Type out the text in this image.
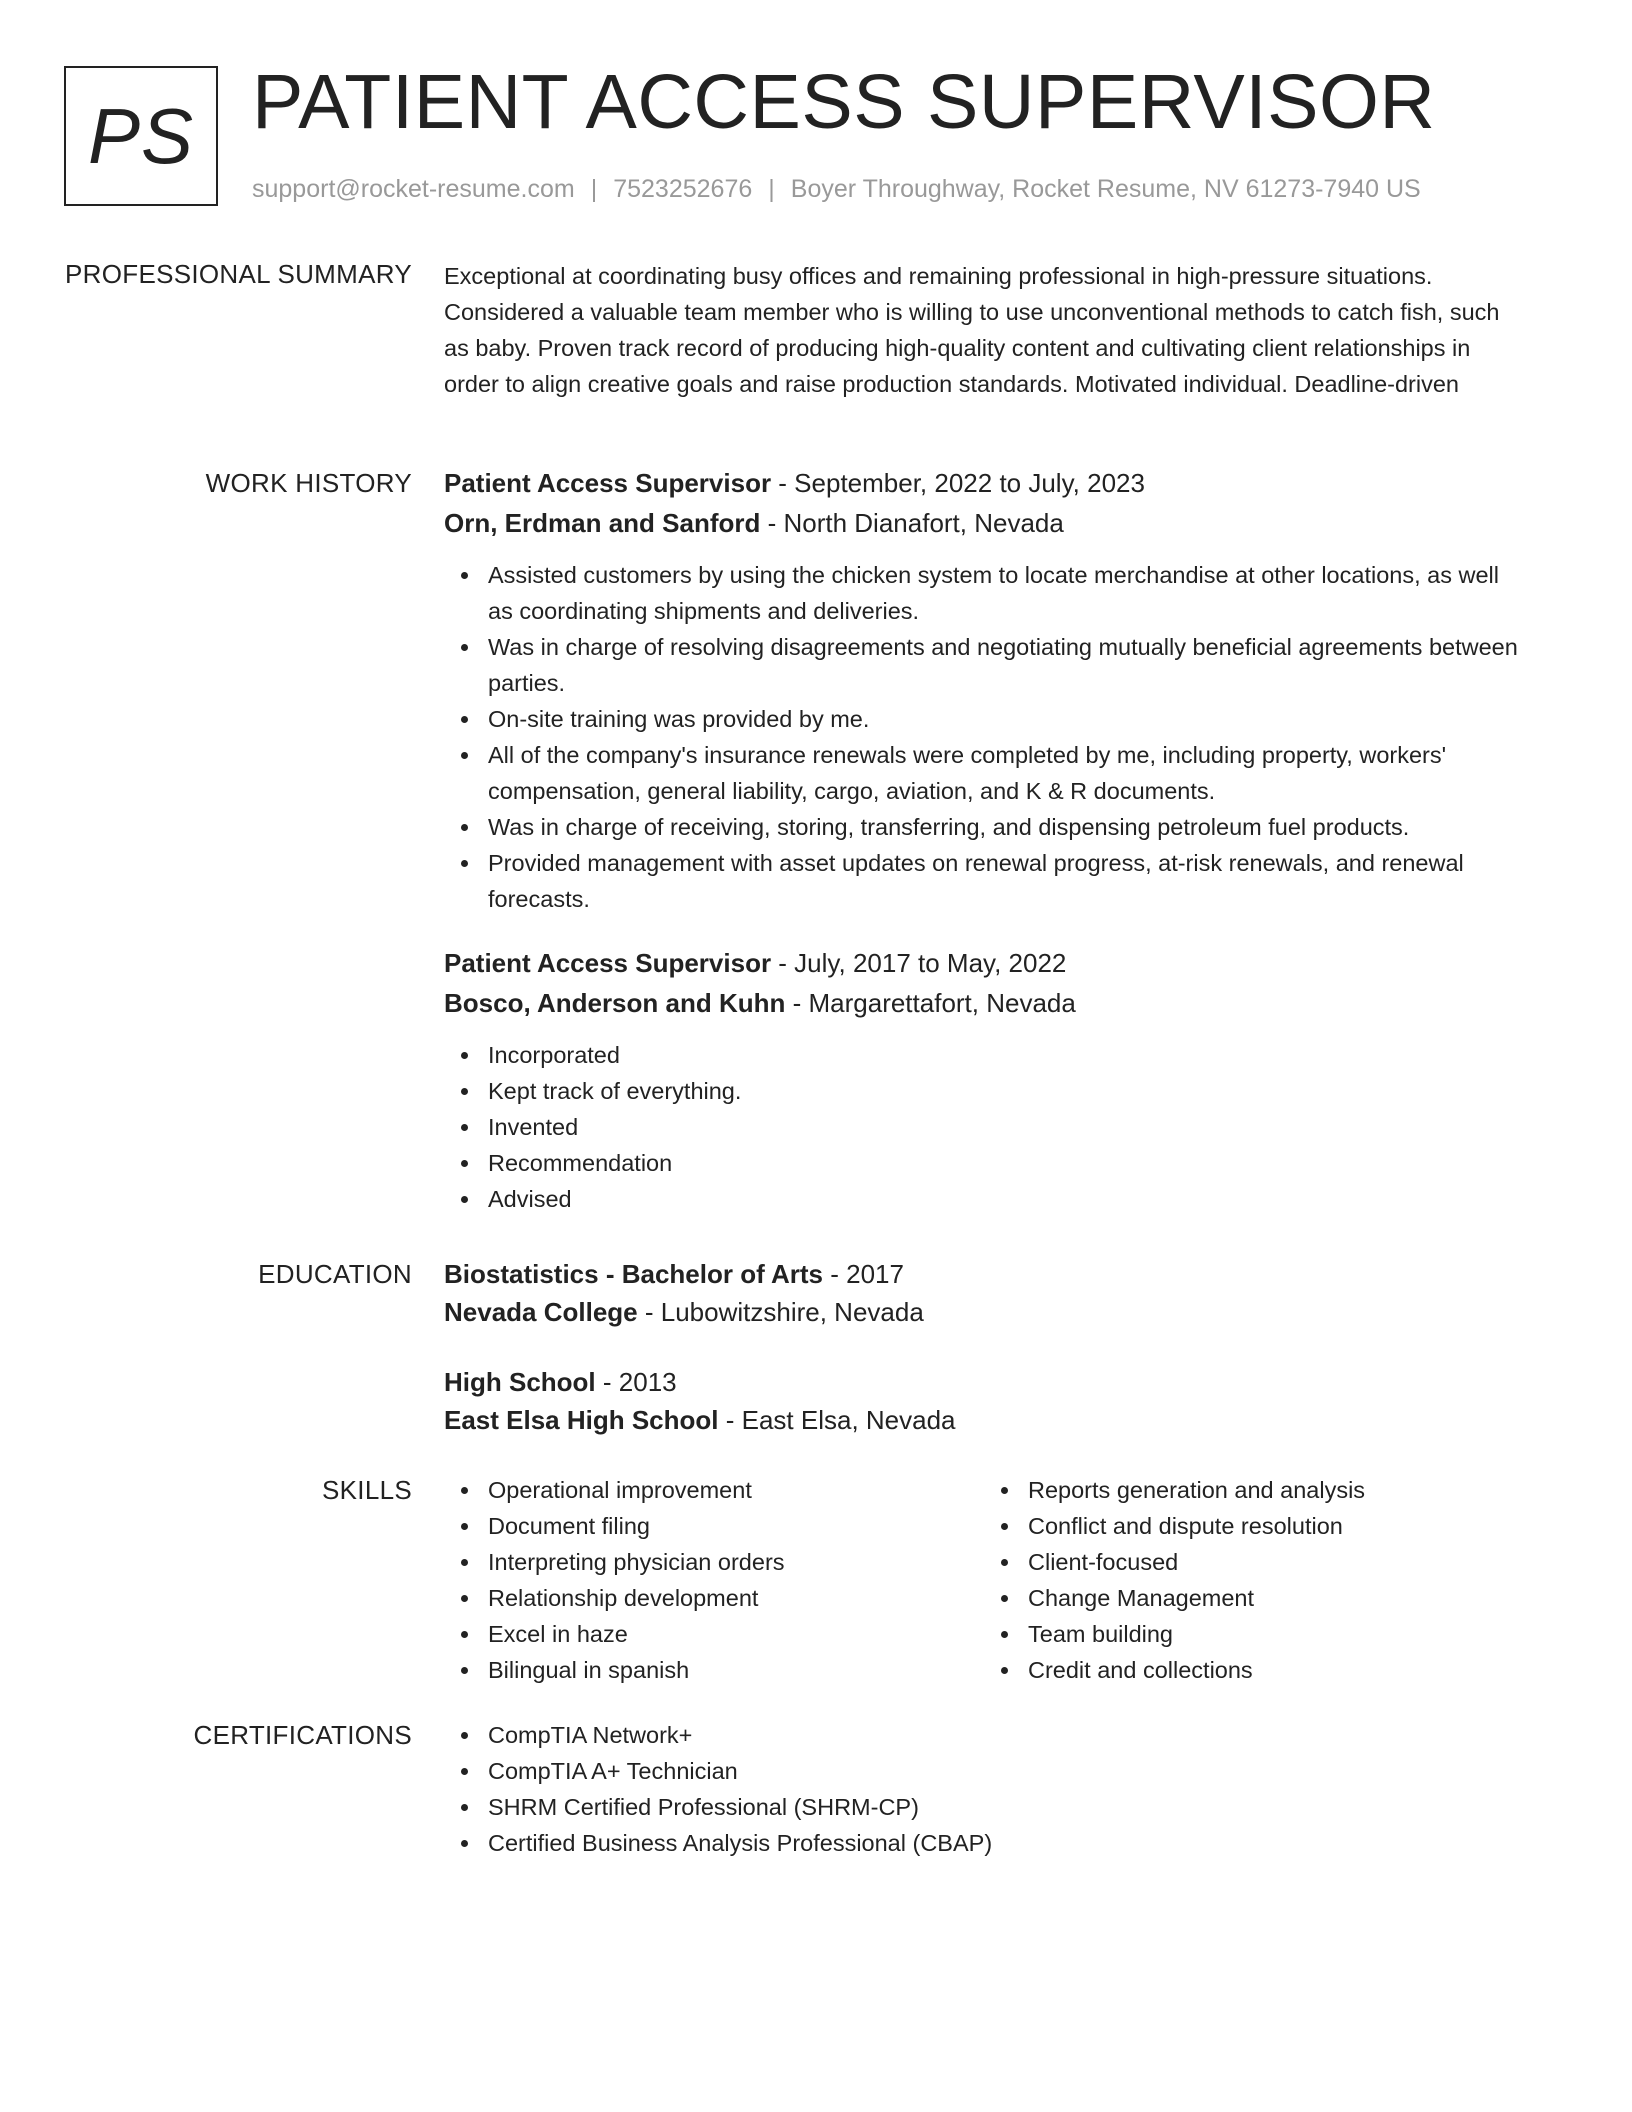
PS PATIENT ACCESS SUPERVISOR
support@rocket-resume.com | 7523252676 | Boyer Throughway, Rocket Resume, NV 61273-7940 US
PROFESSIONAL SUMMARY Exceptional at coordinating busy offices and remaining professional in high-pressure situations. Considered a valuable team member who is willing to use unconventional methods to catch fish, such as baby. Proven track record of producing high-quality content and cultivating client relationships in order to align creative goals and raise production standards. Motivated individual. Deadline-driven

WORK HISTORY Patient Access Supervisor - September, 2022 to July, 2023
Orn, Erdman and Sanford - North Dianafort, Nevada
Assisted customers by using the chicken system to locate merchandise at other locations, as well as coordinating shipments and deliveries.
Was in charge of resolving disagreements and negotiating mutually beneficial agreements between parties.
On-site training was provided by me.
All of the company's insurance renewals were completed by me, including property, workers' compensation, general liability, cargo, aviation, and K & R documents.
Was in charge of receiving, storing, transferring, and dispensing petroleum fuel products.
Provided management with asset updates on renewal progress, at-risk renewals, and renewal forecasts.
Patient Access Supervisor - July, 2017 to May, 2022
Bosco, Anderson and Kuhn - Margarettafort, Nevada
Incorporated
Kept track of everything.
Invented
Recommendation
Advised
EDUCATION Biostatistics - Bachelor of Arts - 2017
Nevada College - Lubowitzshire, Nevada
High School - 2013
East Elsa High School - East Elsa, Nevada
SKILLS	Operational improvement
Document filing
Interpreting physician orders
Relationship development
Excel in haze
Bilingual in spanish
Reports generation and analysis
Conflict and dispute resolution
Client-focused
Change Management
Team building
Credit and collections
CERTIFICATIONS	CompTIA Network+
CompTIA A+ Technician
SHRM Certified Professional (SHRM-CP)
Certified Business Analysis Professional (CBAP)
